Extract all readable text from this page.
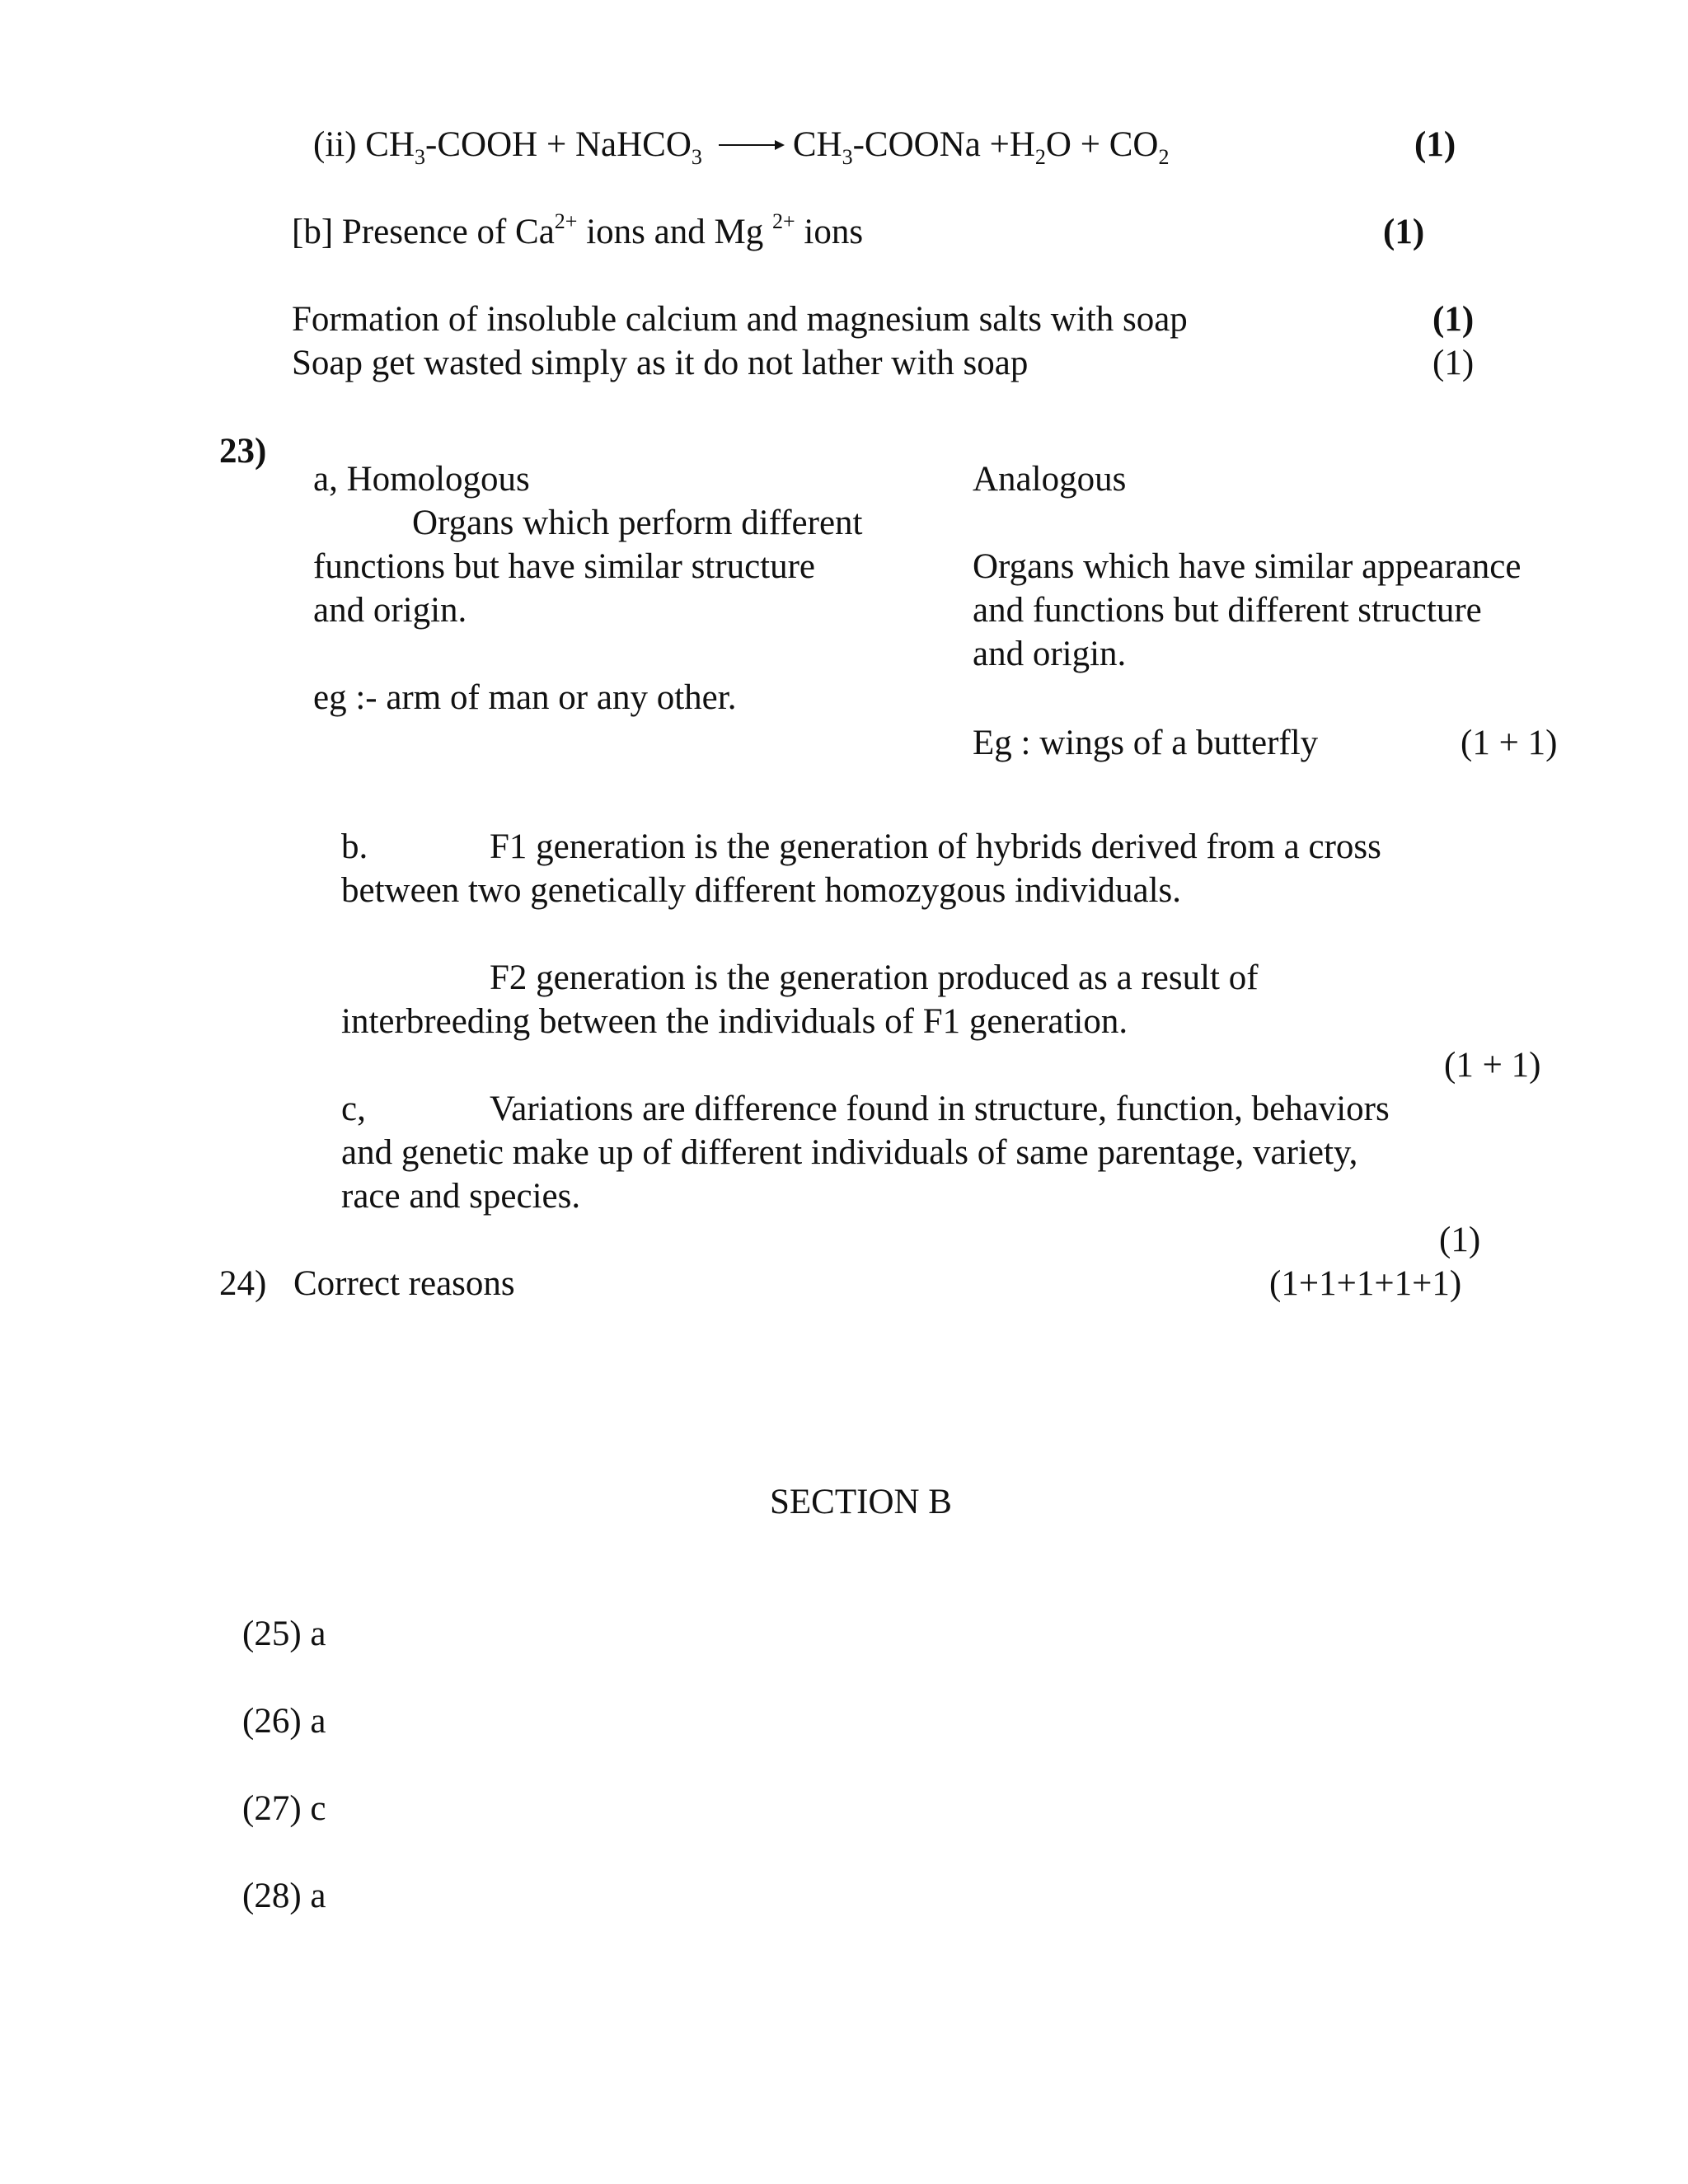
(ii) $CH_3$-COOH + NaHCO$_3$ → $CH_3$-COONa $+H_2O + CO_2$	(1)
[b] Presence of $Ca^{2+}$ ions and Mg $^{2+}$ ions	(1)
Formation of insoluble calcium and magnesium salts with soap	(1)
Soap get wasted simply as it do not lather with soap	(1)
23)
a, Homologous
Organs which perform different
functions but have similar structure
and origin.
eg :- arm of man or any other.
Analogous
Organs which have similar appearance
and functions but different structure
and origin.
Eg : wings of a butterfly	(1 + 1)
b.	F1 generation is the generation of hybrids derived from a cross
between two genetically different homozygous individuals.
F2 generation is the generation produced as a result of
interbreeding between the individuals of F1 generation.
(1 + 1)
c,	Variations are difference found in structure, function, behaviors
and genetic make up of different individuals of same parentage, variety,
race and species.
(1)
24) Correct reasons	(1+1+1+1+1)
SECTION B
(25) a
(26) a
(27) c
(28) a
